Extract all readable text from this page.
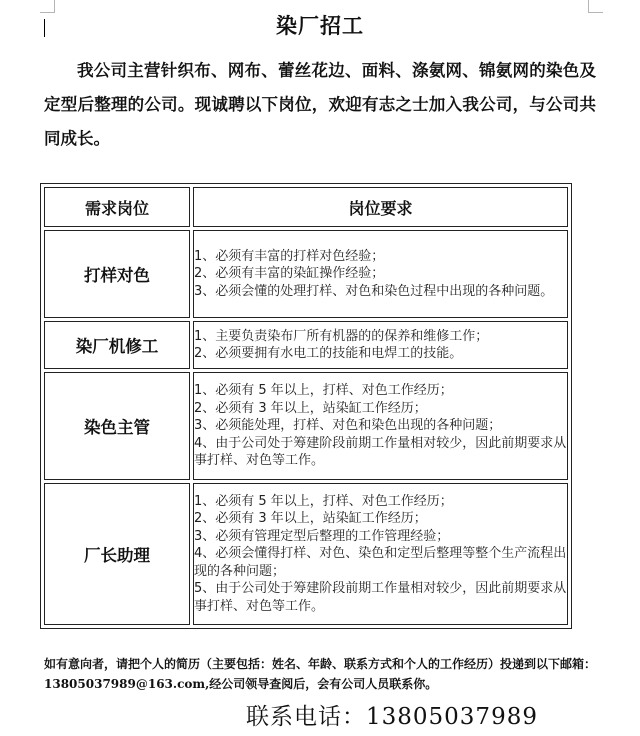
染厂招工
我公司主营针织布、网布、蕾丝花边、面料、涤氨网、锦氨网的染色及定型后整理的公司。现诚聘以下岗位，欢迎有志之士加入我公司，与公司共同成长。
需求岗位	岗位要求
打样对色	1、必须有丰富的打样对色经验；
2、必须有丰富的染缸操作经验；
3、必须会懂的处理打样、对色和染色过程中出现的各种问题。

染厂机修工	1、主要负责染布厂所有机器的的保养和维修工作；
2、必须要拥有水电工的技能和电焊工的技能。

染色主管	1、必须有 5 年以上，打样、对色工作经历；
2、必须有 3 年以上，站染缸工作经历；
3、必须能处理，打样、对色和染色出现的各种问题；
4、由于公司处于筹建阶段前期工作量相对较少，因此前期要求从事打样、对色等工作。

厂长助理	1、必须有 5 年以上，打样、对色工作经历；
2、必须有 3 年以上，站染缸工作经历；
3、必须有管理定型后整理的工作管理经验；
4、必须会懂得打样、对色、染色和定型后整理等整个生产流程出现的各种问题；
5、由于公司处于筹建阶段前期工作量相对较少，因此前期要求从事打样、对色等工作。
如有意向者，请把个人的简历（主要包括：姓名、年龄、联系方式和个人的工作经历）投递到以下邮箱：13805037989@163.com,经公司领导查阅后，会有公司人员联系你。
联系电话：13805037989
